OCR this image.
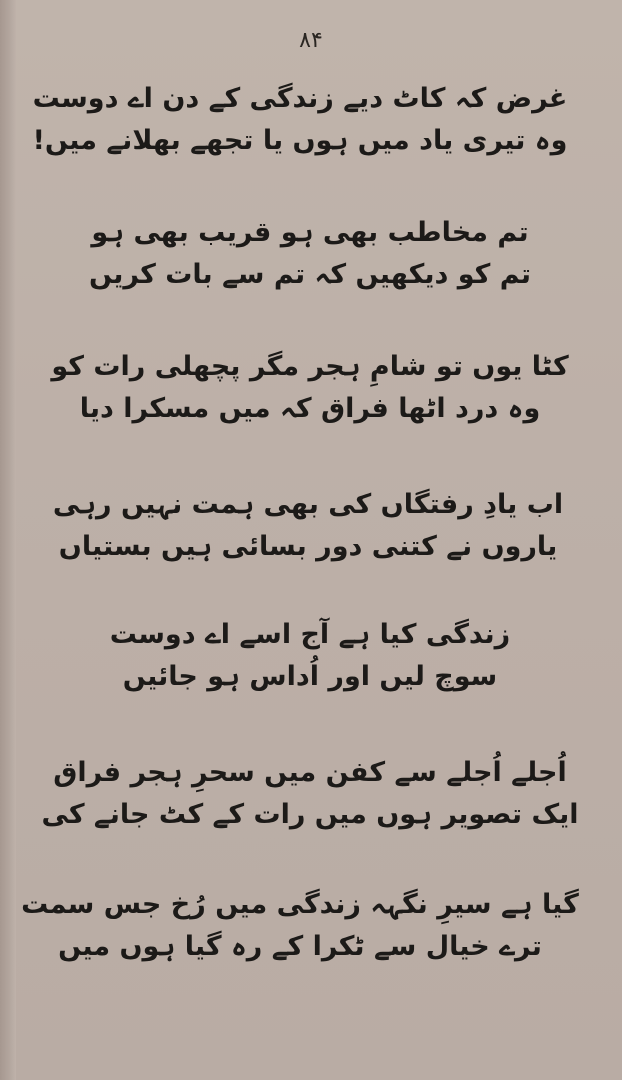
۸۴
غرض کہ کاٹ دیے زندگی کے دن اے دوست
وہ تیری یاد میں ہوں یا تجھے بھلانے میں!
تم مخاطب بھی ہو قریب بھی ہو
تم کو دیکھیں کہ تم سے بات کریں
کٹا یوں تو شامِ ہجر مگر پچھلی رات کو
وہ درد اٹھا فراق کہ میں مسکرا دیا
اب یادِ رفتگاں کی بھی ہمت نہیں رہی
یاروں نے کتنی دور بسائی ہیں بستیاں
زندگی کیا ہے آج اسے اے دوست
سوچ لیں اور اُداس ہو جائیں
اُجلے اُجلے سے کفن میں سحرِ ہجر فراق
ایک تصویر ہوں میں رات کے کٹ جانے کی
گیا ہے سیرِ نگہہ زندگی میں رُخ جس سمت
ترے خیال سے ٹکرا کے رہ گیا ہوں میں
